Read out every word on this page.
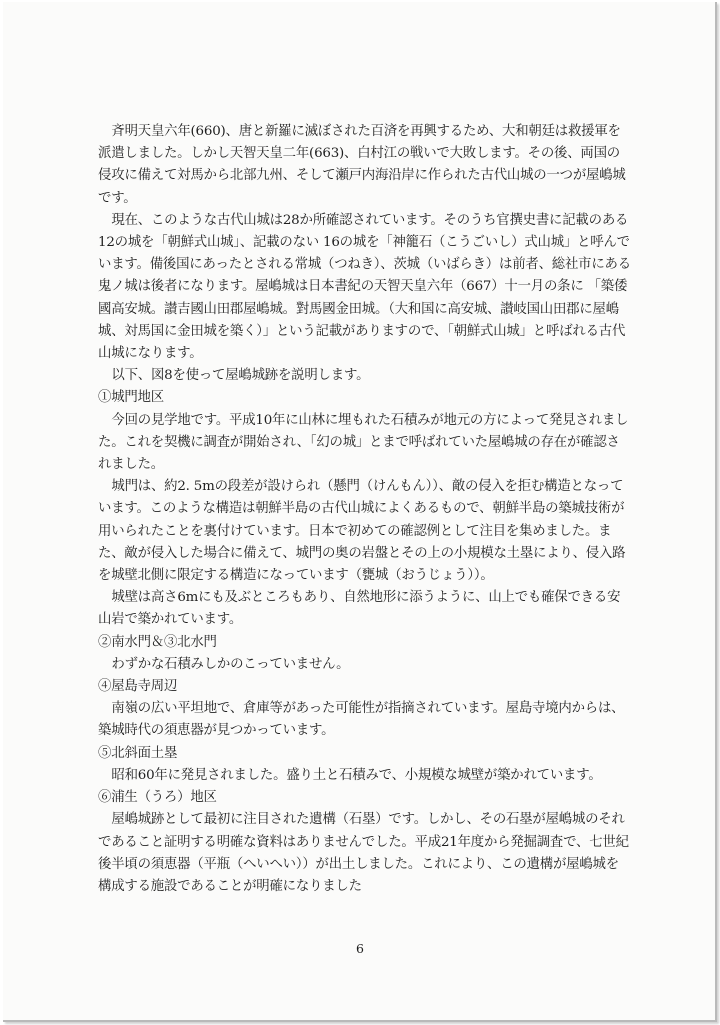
斉明天皇六年(660)、唐と新羅に滅ぼされた百済を再興するため、大和朝廷は救援軍を派遣しました。しかし天智天皇二年(663)、白村江の戦いで大敗します。その後、両国の侵攻に備えて対馬から北部九州、そして瀬戸内海沿岸に作られた古代山城の一つが屋嶋城です。

現在、このような古代山城は28か所確認されています。そのうち官撰史書に記載のある12の城を「朝鮮式山城」、記載のない 16の城を「神籠石（こうごいし）式山城」と呼んでいます。備後国にあったとされる常城（つねき）、茨城（いばらき）は前者、総社市にある鬼ノ城は後者になります。屋嶋城は日本書紀の天智天皇六年（667）十一月の条に 「築倭國高安城。讃吉國山田郡屋嶋城。對馬國金田城。（大和国に高安城、讃岐国山田郡に屋嶋城、対馬国に金田城を築く）」という記載がありますので、「朝鮮式山城」と呼ばれる古代山城になります。

以下、図8を使って屋嶋城跡を説明します。

①城門地区

今回の見学地です。平成10年に山林に埋もれた石積みが地元の方によって発見されました。これを契機に調査が開始され、「幻の城」とまで呼ばれていた屋嶋城の存在が確認されました。

城門は、約2. 5mの段差が設けられ（懸門（けんもん））、敵の侵入を拒む構造となっています。このような構造は朝鮮半島の古代山城によくあるもので、朝鮮半島の築城技術が用いられたことを裏付けています。日本で初めての確認例として注目を集めました。また、敵が侵入した場合に備えて、城門の奥の岩盤とその上の小規模な土塁により、侵入路を城壁北側に限定する構造になっています（甕城（おうじょう））。

城壁は高さ6mにも及ぶところもあり、自然地形に添うように、山上でも確保できる安山岩で築かれています。

②南水門＆③北水門

わずかな石積みしかのこっていません。

④屋島寺周辺

南嶺の広い平坦地で、倉庫等があった可能性が指摘されています。屋島寺境内からは、築城時代の須恵器が見つかっています。

⑤北斜面土塁

昭和60年に発見されました。盛り土と石積みで、小規模な城壁が築かれています。

⑥浦生（うろ）地区

屋嶋城跡として最初に注目された遺構（石塁）です。しかし、その石塁が屋嶋城のそれであること証明する明確な資料はありませんでした。平成21年度から発掘調査で、七世紀後半頃の須恵器（平瓶（へいへい））が出土しました。これにより、この遺構が屋嶋城を構成する施設であることが明確になりました

6
